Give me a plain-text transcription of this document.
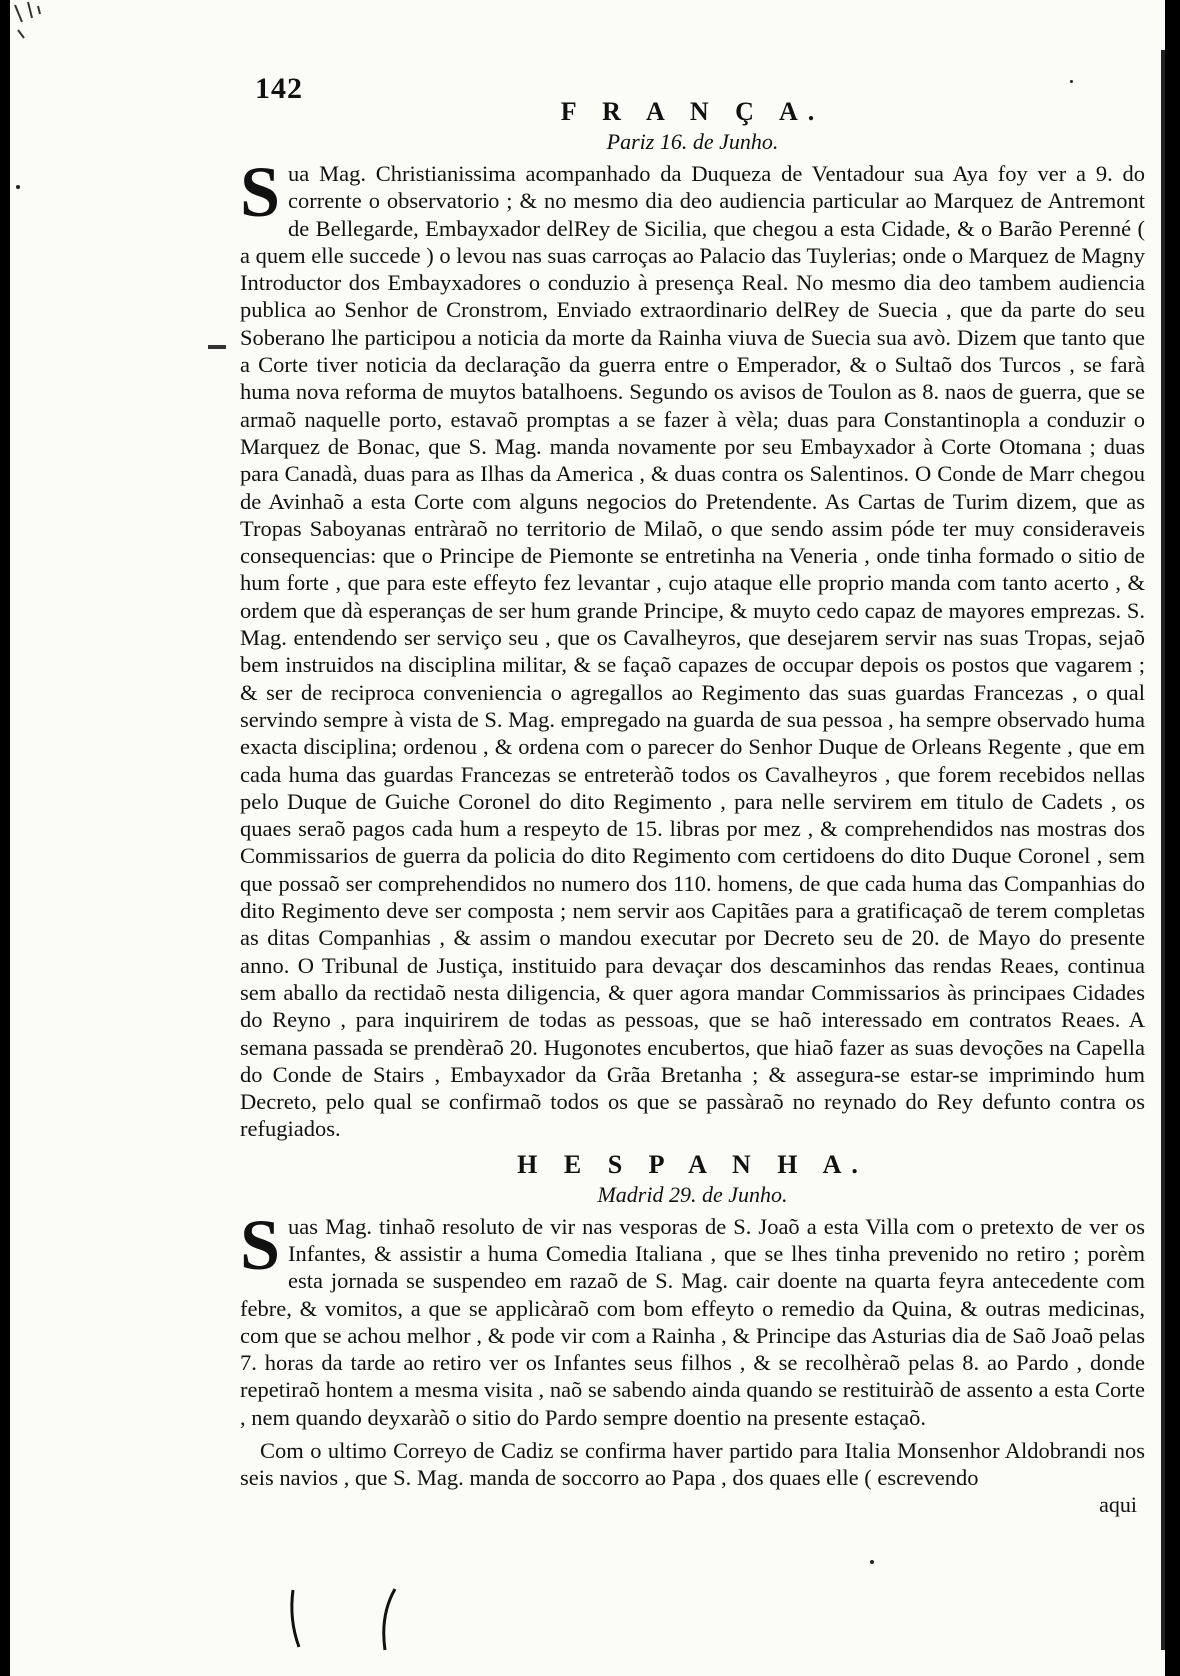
142
F R A N Ç A.

Pariz 16. de Junho.

Sua Mag. Christianissima acompanhado da Duqueza de Ventadour sua Aya foy ver a 9. do corrente o observatorio ; & no mesmo dia deo audiencia particular ao Marquez de Antremont de Bellegarde, Embayxador delRey de Sicilia, que chegou a esta Cidade, & o Barão Perenné ( a quem elle succede ) o levou nas suas carroças ao Palacio das Tuylerias; onde o Marquez de Magny Introductor dos Embayxadores o conduzio à presença Real. No mesmo dia deo tambem audiencia publica ao Senhor de Cronstrom, Enviado extraordinario delRey de Suecia , que da parte do seu Soberano lhe participou a noticia da morte da Rainha viuva de Suecia sua avò. Dizem que tanto que a Corte tiver noticia da declaração da guerra entre o Emperador, & o Sultaõ dos Turcos , se farà huma nova reforma de muytos batalhoens. Segundo os avisos de Toulon as 8. naos de guerra, que se armaõ naquelle porto, estavaõ promptas a se fazer à vèla; duas para Constantinopla a conduzir o Marquez de Bonac, que S. Mag. manda novamente por seu Embayxador à Corte Otomana ; duas para Canadà, duas para as Ilhas da America , & duas contra os Salentinos. O Conde de Marr chegou de Avinhaõ a esta Corte com alguns negocios do Pretendente. As Cartas de Turim dizem, que as Tropas Saboyanas entràraõ no territorio de Milaõ, o que sendo assim póde ter muy consideraveis consequencias: que o Principe de Piemonte se entretinha na Veneria , onde tinha formado o sitio de hum forte , que para este effeyto fez levantar , cujo ataque elle proprio manda com tanto acerto , & ordem que dà esperanças de ser hum grande Principe, & muyto cedo capaz de mayores emprezas. S. Mag. entendendo ser serviço seu , que os Cavalheyros, que desejarem servir nas suas Tropas, sejaõ bem instruidos na disciplina militar, & se façaõ capazes de occupar depois os postos que vagarem ; & ser de reciproca conveniencia o agregallos ao Regimento das suas guardas Francezas , o qual servindo sempre à vista de S. Mag. empregado na guarda de sua pessoa , ha sempre observado huma exacta disciplina; ordenou , & ordena com o parecer do Senhor Duque de Orleans Regente , que em cada huma das guardas Francezas se entreteràõ todos os Cavalheyros , que forem recebidos nellas pelo Duque de Guiche Coronel do dito Regimento , para nelle servirem em titulo de Cadets , os quaes seraõ pagos cada hum a respeyto de 15. libras por mez , & comprehendidos nas mostras dos Commissarios de guerra da policia do dito Regimento com certidoens do dito Duque Coronel , sem que possaõ ser comprehendidos no numero dos 110. homens, de que cada huma das Companhias do dito Regimento deve ser composta ; nem servir aos Capitães para a gratificaçaõ de terem completas as ditas Companhias , & assim o mandou executar por Decreto seu de 20. de Mayo do presente anno. O Tribunal de Justiça, instituido para devaçar dos descaminhos das rendas Reaes, continua sem aballo da rectidaõ nesta diligencia, & quer agora mandar Commissarios às principaes Cidades do Reyno , para inquirirem de todas as pessoas, que se haõ interessado em contratos Reaes. A semana passada se prendèraõ 20. Hugonotes encubertos, que hiaõ fazer as suas devoções na Capella do Conde de Stairs , Embayxador da Grãa Bretanha ; & assegura-se estar-se imprimindo hum Decreto, pelo qual se confirmaõ todos os que se passàraõ no reynado do Rey defunto contra os refugiados.

H E S P A N H A.

Madrid 29. de Junho.

Suas Mag. tinhaõ resoluto de vir nas vesporas de S. Joaõ a esta Villa com o pretexto de ver os Infantes, & assistir a huma Comedia Italiana , que se lhes tinha prevenido no retiro ; porèm esta jornada se suspendeo em razaõ de S. Mag. cair doente na quarta feyra antecedente com febre, & vomitos, a que se applicàraõ com bom effeyto o remedio da Quina, & outras medicinas, com que se achou melhor , & pode vir com a Rainha , & Principe das Asturias dia de Saõ Joaõ pelas 7. horas da tarde ao retiro ver os Infantes seus filhos , & se recolhèraõ pelas 8. ao Pardo , donde repetiraõ hontem a mesma visita , naõ se sabendo ainda quando se restituiràõ de assento a esta Corte , nem quando deyxaràõ o sitio do Pardo sempre doentio na presente estaçaõ.

Com o ultimo Correyo de Cadiz se confirma haver partido para Italia Monsenhor Aldobrandi nos seis navios , que S. Mag. manda de soccorro ao Papa , dos quaes elle ( escrevendo

aqui
